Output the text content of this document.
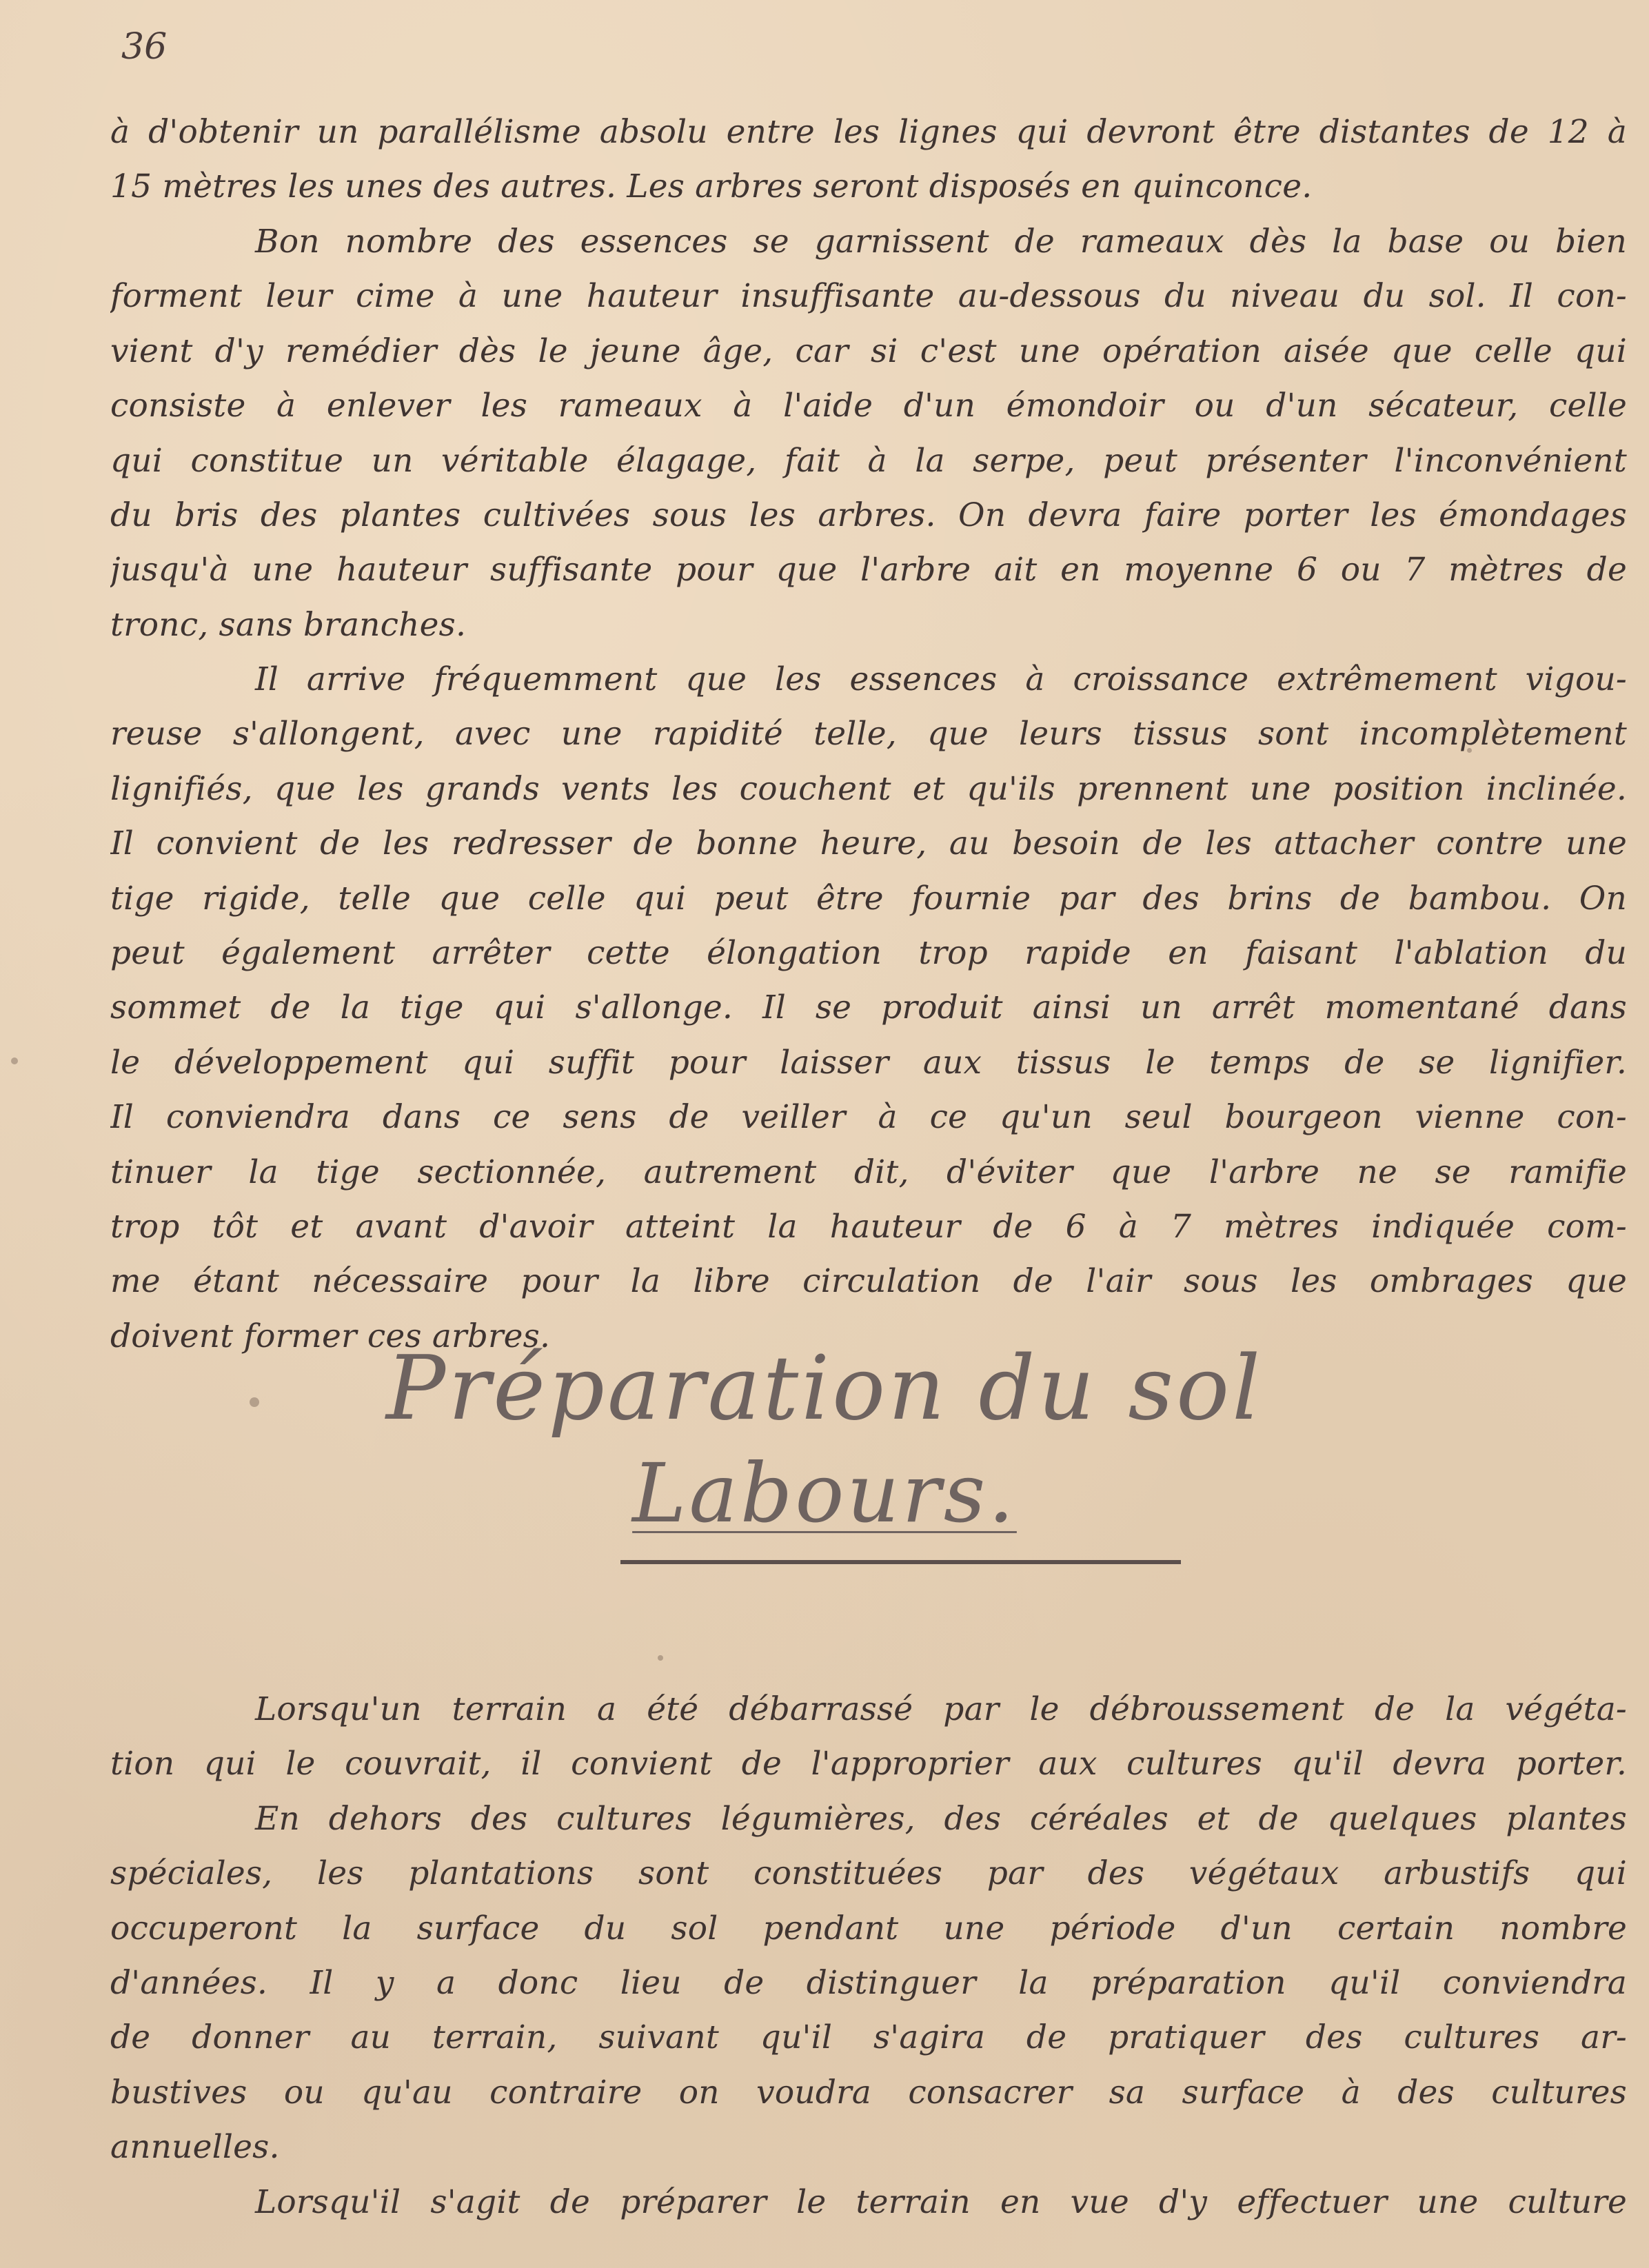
36
à d'obtenir un parallélisme absolu entre les lignes qui devront être distantes de 12 à
15 mètres les unes des autres. Les arbres seront disposés en quinconce.
Bon nombre des essences se garnissent de rameaux dès la base ou bien
forment leur cime à une hauteur insuffisante au-dessous du niveau du sol. Il con-
vient d'y remédier dès le jeune âge, car si c'est une opération aisée que celle qui
consiste à enlever les rameaux à l'aide d'un émondoir ou d'un sécateur, celle
qui constitue un véritable élagage, fait à la serpe, peut présenter l'inconvénient
du bris des plantes cultivées sous les arbres. On devra faire porter les émondages
jusqu'à une hauteur suffisante pour que l'arbre ait en moyenne 6 ou 7 mètres de
tronc, sans branches.
Il arrive fréquemment que les essences à croissance extrêmement vigou-
reuse s'allongent, avec une rapidité telle, que leurs tissus sont incomplètement
lignifiés, que les grands vents les couchent et qu'ils prennent une position inclinée.
Il convient de les redresser de bonne heure, au besoin de les attacher contre une
tige rigide, telle que celle qui peut être fournie par des brins de bambou. On
peut également arrêter cette élongation trop rapide en faisant l'ablation du
sommet de la tige qui s'allonge. Il se produit ainsi un arrêt momentané dans
le développement qui suffit pour laisser aux tissus le temps de se lignifier.
Il conviendra dans ce sens de veiller à ce qu'un seul bourgeon vienne con-
tinuer la tige sectionnée, autrement dit, d'éviter que l'arbre ne se ramifie
trop tôt et avant d'avoir atteint la hauteur de 6 à 7 mètres indiquée com-
me étant nécessaire pour la libre circulation de l'air sous les ombrages que
doivent former ces arbres.
Préparation du sol
Labours.
Lorsqu'un terrain a été débarrassé par le débroussement de la végéta-
tion qui le couvrait, il convient de l'approprier aux cultures qu'il devra porter.
En dehors des cultures légumières, des céréales et de quelques plantes
spéciales, les plantations sont constituées par des végétaux arbustifs qui
occuperont la surface du sol pendant une période d'un certain nombre
d'années. Il y a donc lieu de distinguer la préparation qu'il conviendra
de donner au terrain, suivant qu'il s'agira de pratiquer des cultures ar-
bustives ou qu'au contraire on voudra consacrer sa surface à des cultures
annuelles.
Lorsqu'il s'agit de préparer le terrain en vue d'y effectuer une culture
